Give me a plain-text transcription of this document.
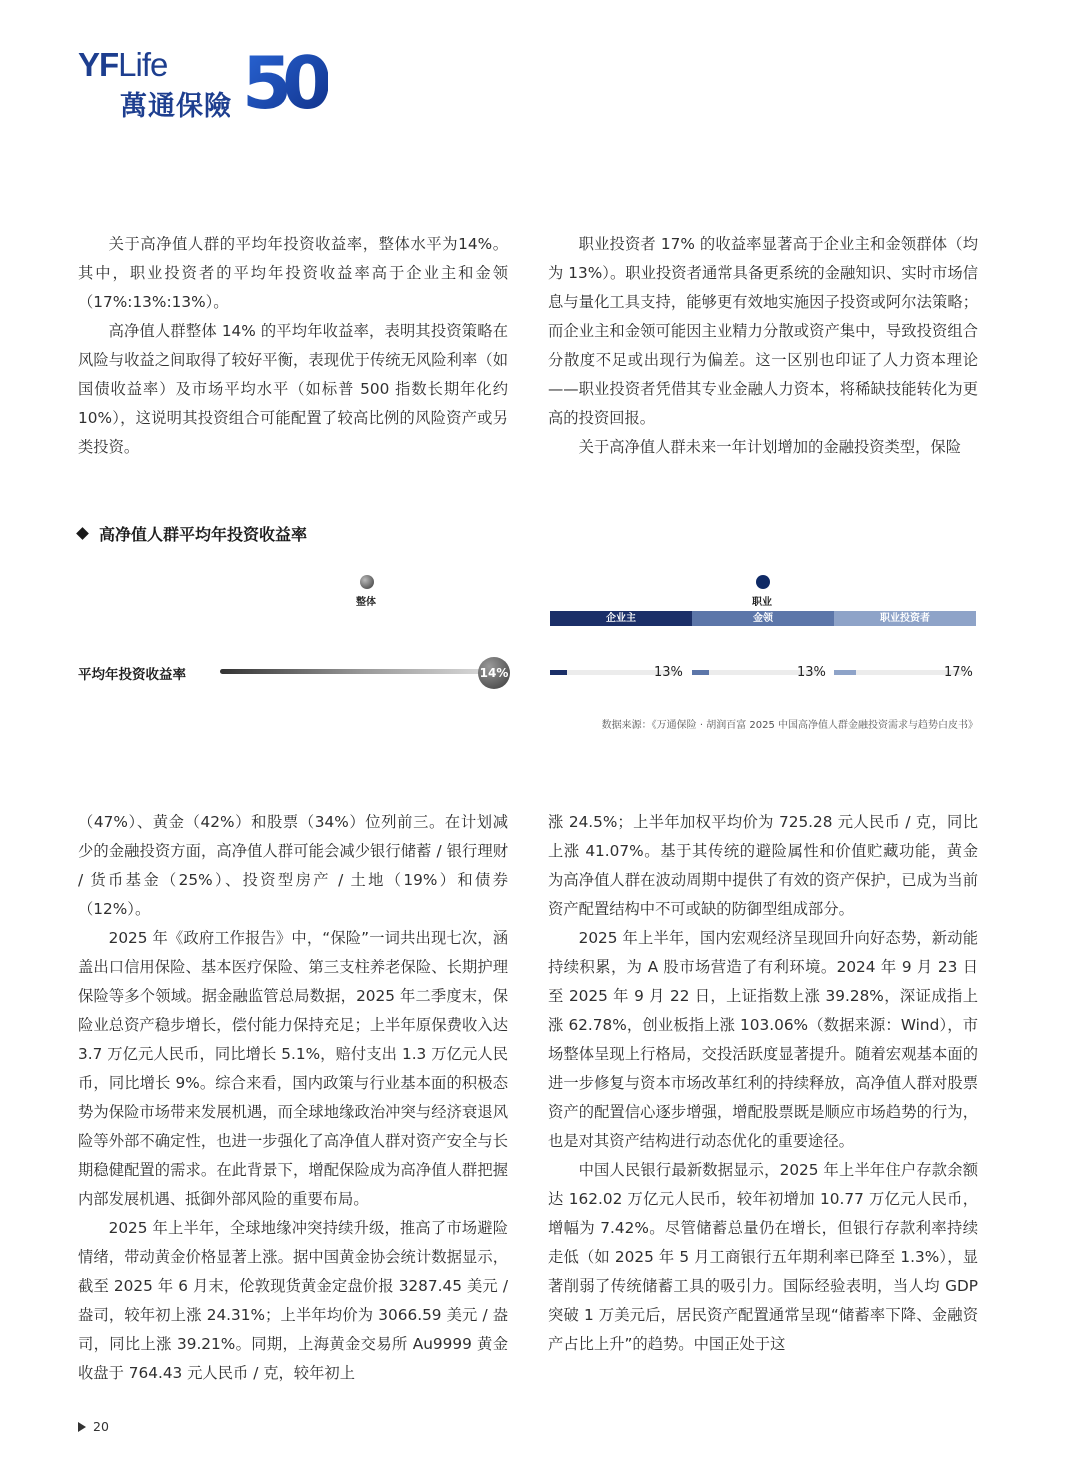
YFLife
萬通保險 50

关于高净值人群的平均年投资收益率，整体水平为14%。其中，职业投资者的平均年投资收益率高于企业主和金领（17%:13%:13%）。

高净值人群整体 14% 的平均年收益率，表明其投资策略在风险与收益之间取得了较好平衡，表现优于传统无风险利率（如国债收益率）及市场平均水平（如标普 500 指数长期年化约 10%），这说明其投资组合可能配置了较高比例的风险资产或另类投资。

职业投资者 17% 的收益率显著高于企业主和金领群体（均为 13%）。职业投资者通常具备更系统的金融知识、实时市场信息与量化工具支持，能够更有效地实施因子投资或阿尔法策略；而企业主和金领可能因主业精力分散或资产集中，导致投资组合分散度不足或出现行为偏差。这一区别也印证了人力资本理论——职业投资者凭借其专业金融人力资本，将稀缺技能转化为更高的投资回报。

关于高净值人群未来一年计划增加的金融投资类型，保险

高净值人群平均年投资收益率
整体	职业
企业主	金领	职业投资者
平均年投资收益率	14%	13%	13%	17%
数据来源：《万通保险 · 胡润百富 2025 中国高净值人群金融投资需求与趋势白皮书》

（47%）、黄金（42%）和股票（34%）位列前三。在计划减少的金融投资方面，高净值人群可能会减少银行储蓄 / 银行理财 / 货币基金（25%）、投资型房产 / 土地（19%）和债券（12%）。

2025 年《政府工作报告》中，“保险”一词共出现七次，涵盖出口信用保险、基本医疗保险、第三支柱养老保险、长期护理保险等多个领域。据金融监管总局数据，2025 年二季度末，保险业总资产稳步增长，偿付能力保持充足；上半年原保费收入达 3.7 万亿元人民币，同比增长 5.1%，赔付支出 1.3 万亿元人民币，同比增长 9%。综合来看，国内政策与行业基本面的积极态势为保险市场带来发展机遇，而全球地缘政治冲突与经济衰退风险等外部不确定性，也进一步强化了高净值人群对资产安全与长期稳健配置的需求。在此背景下，增配保险成为高净值人群把握内部发展机遇、抵御外部风险的重要布局。

2025 年上半年，全球地缘冲突持续升级，推高了市场避险情绪，带动黄金价格显著上涨。据中国黄金协会统计数据显示，截至 2025 年 6 月末，伦敦现货黄金定盘价报 3287.45 美元 / 盎司，较年初上涨 24.31%；上半年均价为 3066.59 美元 / 盎司，同比上涨 39.21%。同期，上海黄金交易所 Au9999 黄金收盘于 764.43 元人民币 / 克，较年初上

涨 24.5%；上半年加权平均价为 725.28 元人民币 / 克，同比上涨 41.07%。基于其传统的避险属性和价值贮藏功能，黄金为高净值人群在波动周期中提供了有效的资产保护，已成为当前资产配置结构中不可或缺的防御型组成部分。

2025 年上半年，国内宏观经济呈现回升向好态势，新动能持续积累，为 A 股市场营造了有利环境。2024 年 9 月 23 日至 2025 年 9 月 22 日，上证指数上涨 39.28%，深证成指上涨 62.78%，创业板指上涨 103.06%（数据来源：Wind），市场整体呈现上行格局，交投活跃度显著提升。随着宏观基本面的进一步修复与资本市场改革红利的持续释放，高净值人群对股票资产的配置信心逐步增强，增配股票既是顺应市场趋势的行为，也是对其资产结构进行动态优化的重要途径。

中国人民银行最新数据显示，2025 年上半年住户存款余额达 162.02 万亿元人民币，较年初增加 10.77 万亿元人民币，增幅为 7.42%。尽管储蓄总量仍在增长，但银行存款利率持续走低（如 2025 年 5 月工商银行五年期利率已降至 1.3%），显著削弱了传统储蓄工具的吸引力。国际经验表明，当人均 GDP 突破 1 万美元后，居民资产配置通常呈现“储蓄率下降、金融资产占比上升”的趋势。中国正处于这

20
